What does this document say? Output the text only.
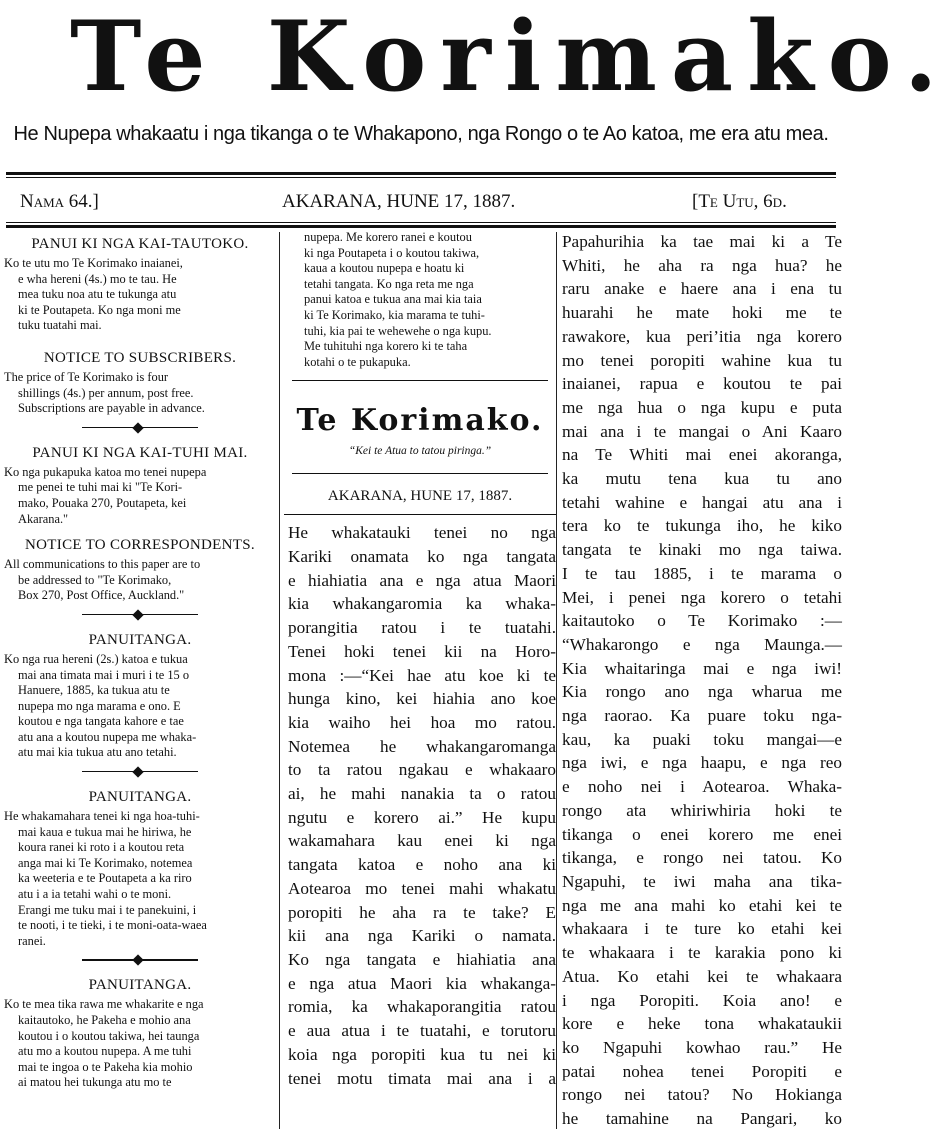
Te Korimako.
He Nupepa whakaatu i nga tikanga o te Whakapono, nga Rongo o te Ao katoa, me era atu mea.
Nama 64.]	AKARANA, HUNE 17, 1887.	[Te Utu, 6d.
PANUI KI NGA KAI-TAUTOKO.
Ko te utu mo Te Korimako inaianei,
e wha hereni (4s.) mo te tau. He
mea tuku noa atu te tukunga atu
ki te Poutapeta. Ko nga moni me
tuku tuatahi mai.
NOTICE TO SUBSCRIBERS.
The price of Te Korimako is four
shillings (4s.) per annum, post free.
Subscriptions are payable in advance.
PANUI KI NGA KAI-TUHI MAI.
Ko nga pukapuka katoa mo tenei nupepa
me penei te tuhi mai ki "Te Kori-
mako, Pouaka 270, Poutapeta, kei
Akarana."
NOTICE TO CORRESPONDENTS.
All communications to this paper are to
be addressed to "Te Korimako,
Box 270, Post Office, Auckland."
PANUITANGA.
Ko nga rua hereni (2s.) katoa e tukua
mai ana timata mai i muri i te 15 o
Hanuere, 1885, ka tukua atu te
nupepa mo nga marama e ono. E
koutou e nga tangata kahore e tae
atu ana a koutou nupepa me whaka-
atu mai kia tukua atu ano tetahi.
PANUITANGA.
He whakamahara tenei ki nga hoa-tuhi-
mai kaua e tukua mai he hiriwa, he
koura ranei ki roto i a koutou reta
anga mai ki Te Korimako, notemea
ka weeteria e te Poutapeta a ka riro
atu i a ia tetahi wahi o te moni.
Erangi me tuku mai i te panekuini, i
te nooti, i te tieki, i te moni-oata-waea
ranei.
PANUITANGA.
Ko te mea tika rawa me whakarite e nga
kaitautoko, he Pakeha e mohio ana
koutou i o koutou takiwa, hei taunga
atu mo a koutou nupepa. A me tuhi
mai te ingoa o te Pakeha kia mohio
ai matou hei tukunga atu mo te
nupepa. Me korero ranei e koutou
ki nga Poutapeta i o koutou takiwa,
kaua a koutou nupepa e hoatu ki
tetahi tangata. Ko nga reta me nga
panui katoa e tukua ana mai kia taia
ki Te Korimako, kia marama te tuhi-
tuhi, kia pai te wehewehe o nga kupu.
Me tuhituhi nga korero ki te taha
kotahi o te pukapuka.
Te Korimako.
“Kei te Atua to tatou piringa.”
AKARANA, HUNE 17, 1887.
He whakatauki tenei no nga
Kariki onamata ko nga tangata
e hiahiatia ana e nga atua Maori
kia whakangaromia ka whaka-
porangitia ratou i te tuatahi.
Tenei hoki tenei kii na Horo-
mona :—“Kei hae atu koe ki te
hunga kino, kei hiahia ano koe
kia waiho hei hoa mo ratou.
Notemea he whakangaromanga
to ta ratou ngakau e whakaaro
ai, he mahi nanakia ta o ratou
ngutu e korero ai.” He kupu
wakamahara kau enei ki nga
tangata katoa e noho ana ki
Aotearoa mo tenei mahi whakatu
poropiti he aha ra te take? E
kii ana nga Kariki o namata.
Ko nga tangata e hiahiatia ana
e nga atua Maori kia whakanga-
romia, ka whakaporangitia ratou
e aua atua i te tuatahi, e torutoru
koia nga poropiti kua tu nei ki
tenei motu timata mai ana i a
Papahurihia ka tae mai ki a Te
Whiti, he aha ra nga hua? he
raru anake e haere ana i ena tu
huarahi he mate hoki me te
rawakore, kua peri’itia nga korero
mo tenei poropiti wahine kua tu
inaianei, rapua e koutou te pai
me nga hua o nga kupu e puta
mai ana i te mangai o Ani Kaaro
na Te Whiti mai enei akoranga,
ka mutu tena kua tu ano
tetahi wahine e hangai atu ana i
tera ko te tukunga iho, he kiko
tangata te kinaki mo nga taiwa.
I te tau 1885, i te marama o
Mei, i penei nga korero o tetahi
kaitautoko o Te Korimako :—
“Whakarongo e nga Maunga.—
Kia whaitaringa mai e nga iwi!
Kia rongo ano nga wharua me
nga raorao. Ka puare toku nga-
kau, ka puaki toku mangai—e
nga iwi, e nga haapu, e nga reo
e noho nei i Aotearoa. Whaka-
rongo ata whiriwhiria hoki te
tikanga o enei korero me enei
tikanga, e rongo nei tatou. Ko
Ngapuhi, te iwi maha ana tika-
nga me ana mahi ko etahi kei te
whakaara i te ture ko etahi kei
te whakaara i te karakia pono ki
Atua. Ko etahi kei te whakaara
i nga Poropiti. Koia ano! e
kore e heke tona whakataukii
ko Ngapuhi kowhao rau.” He
patai nohea tenei Poropiti e
rongo nei tatou? No Hokianga
he tamahine na Pangari, ko
